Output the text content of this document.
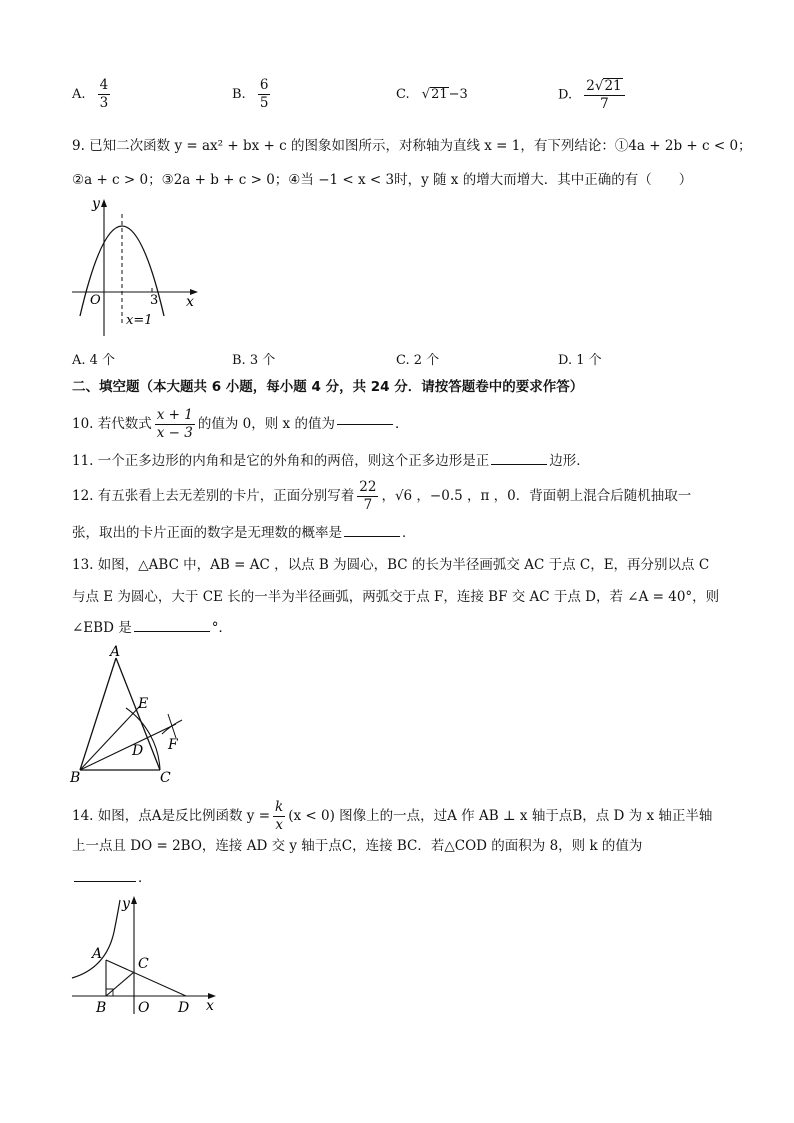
A. $\frac{4}{3}$	B. $\frac{6}{5}$	C. √21−3	D. $\frac{2√21}{7}$
9. 已知二次函数 y = ax² + bx + c 的图象如图所示，对称轴为直线 x = 1，有下列结论：①4a + 2b + c < 0；
②a + c > 0；③2a + b + c > 0；④当 −1 < x < 3时，y 随 x 的增大而增大．其中正确的有（　　）
y
x
O	3
x=1
A. 4 个	B. 3 个	C. 2 个	D. 1 个
二、填空题（本大题共 6 小题，每小题 4 分，共 24 分．请按答题卷中的要求作答）
10. 若代数式 $\frac{x + 1}{x - 3}$ 的值为 0，则 x 的值为	．
11. 一个正多边形的内角和是它的外角和的两倍，则这个正多边形是正	边形．
12. 有五张看上去无差别的卡片，正面分别写着 $\frac{22}{7}$ ，√6 ，−0.5 ，π ，0．背面朝上混合后随机抽取一
张，取出的卡片正面的数字是无理数的概率是	．
13. 如图，△ABC 中，AB = AC ，以点 B 为圆心，BC 的长为半径画弧交 AC 于点 C，E，再分别以点 C
与点 E 为圆心，大于 CE 长的一半为半径画弧，两弧交于点 F，连接 BF 交 AC 于点 D，若 ∠A = 40°，则
∠EBD 是	°．
A
B	C
D
E
F
14. 如图，点A是反比例函数 $y = \frac{k}{x} (x < 0)$ 图像上的一点，过A 作 AB ⊥ x 轴于点B，点 D 为 x 轴正半轴
上一点且 DO = 2BO，连接 AD 交 y 轴于点C，连接 BC．若△COD 的面积为 8，则 k 的值为
．
y
x
A
B
C
O D
